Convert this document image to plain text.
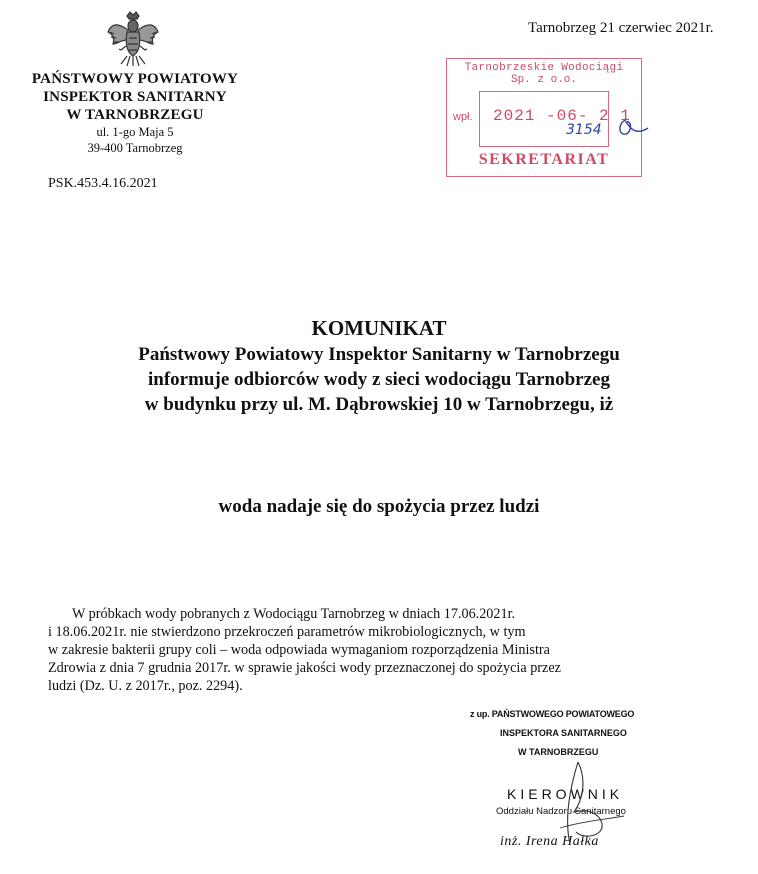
PAŃSTWOWY POWIATOWY
INSPEKTOR SANITARNY
W TARNOBRZEGU
ul. 1-go Maja 5
39-400 Tarnobrzeg
PSK.453.4.16.2021
Tarnobrzeg 21 czerwiec 2021r.
Tarnobrzeskie Wodociągi
Sp. z o.o.
wpł. 2021 -06- 2 1
SEKRETARIAT
3154
KOMUNIKAT
Państwowy Powiatowy Inspektor Sanitarny w Tarnobrzegu
informuje odbiorców wody z sieci wodociągu Tarnobrzeg
w budynku przy ul. M. Dąbrowskiej 10 w Tarnobrzegu, iż
woda nadaje się do spożycia przez ludzi
W próbkach wody pobranych z Wodociągu Tarnobrzeg w dniach 17.06.2021r.
i 18.06.2021r. nie stwierdzono przekroczeń parametrów mikrobiologicznych, w tym
w zakresie bakterii grupy coli – woda odpowiada wymaganiom rozporządzenia Ministra
Zdrowia z dnia 7 grudnia 2017r. w sprawie jakości wody przeznaczonej do spożycia przez
ludzi (Dz. U. z 2017r., poz. 2294).
z up. PAŃSTWOWEGO POWIATOWEGO
INSPEKTORA SANITARNEGO
W TARNOBRZEGU
KIEROWNIK
Oddziału Nadzoru Sanitarnego
inż. Irena Hałka
